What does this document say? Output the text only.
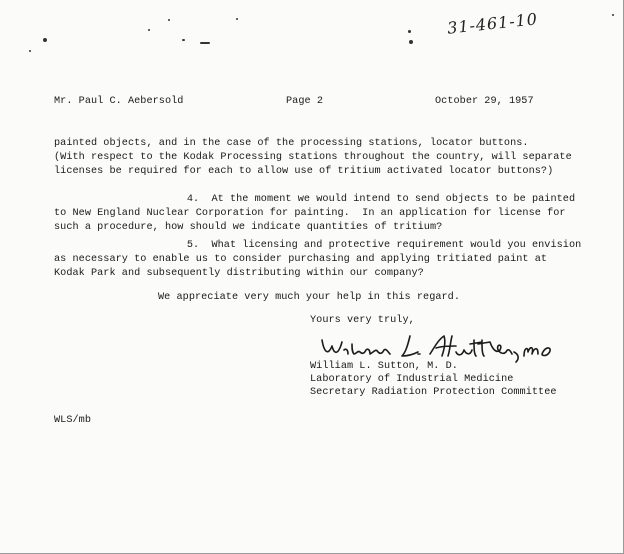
31-461-10
Mr. Paul C. Aebersold	Page 2	October 29, 1957
painted objects, and in the case of the processing stations, locator buttons.
(With respect to the Kodak Processing stations throughout the country, will separate
licenses be required for each to allow use of tritium activated locator buttons?)
4.  At the moment we would intend to send objects to be painted
to New England Nuclear Corporation for painting.  In an application for license for
such a procedure, how should we indicate quantities of tritium?
5.  What licensing and protective requirement would you envision
as necessary to enable us to consider purchasing and applying tritiated paint at
Kodak Park and subsequently distributing within our company?
We appreciate very much your help in this regard.
Yours very truly,
William L. Sutton, M. D.
Laboratory of Industrial Medicine
Secretary Radiation Protection Committee
WLS/mb
